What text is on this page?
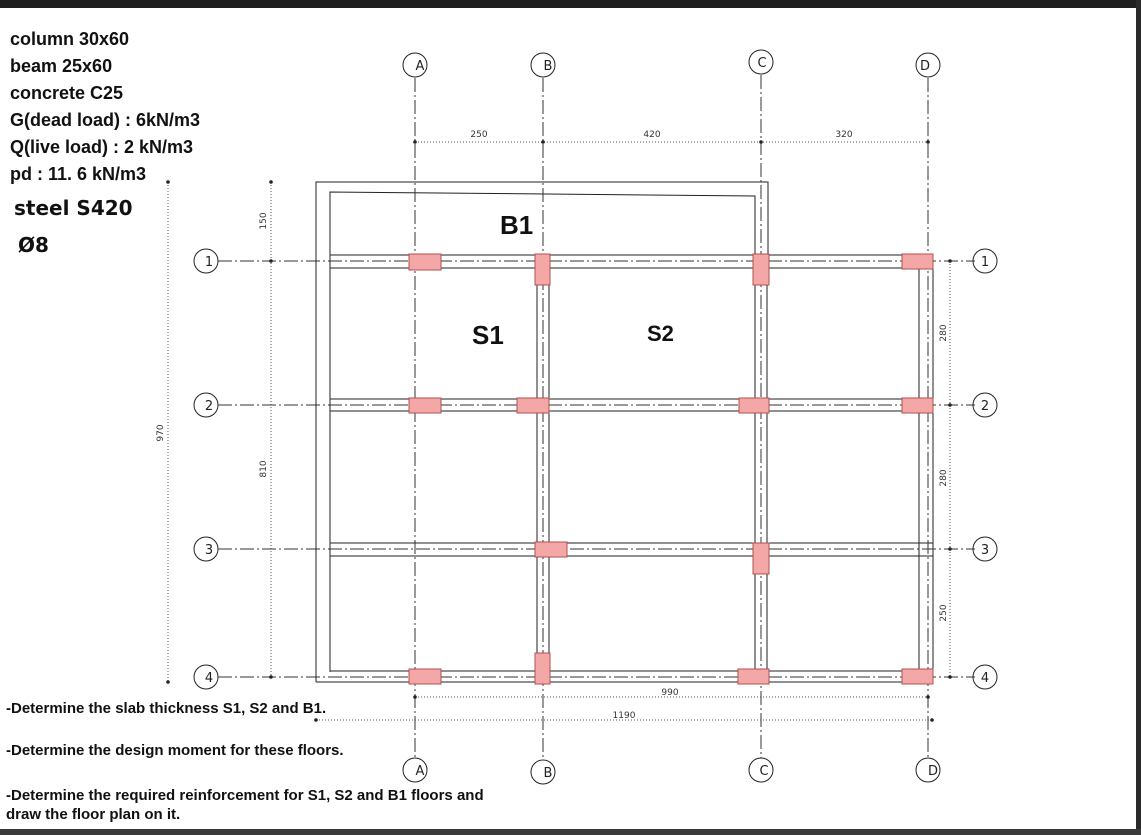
A	B	C	D
A	B	C	D
1
2
3
4
1
2
3
4
250	420	320
280
280
250
150
810
970
990
1190
B1
S1	S2
column 30x60
beam 25x60
concrete C25
G(dead load) : 6kN/m3
Q(live load) : 2 kN/m3
pd : 11. 6 kN/m3
steel S420
Ø8
-Determine the slab thickness S1, S2 and B1.
-Determine the design moment for these floors.
-Determine the required reinforcement for S1, S2 and B1 floors and draw the floor plan on it.
